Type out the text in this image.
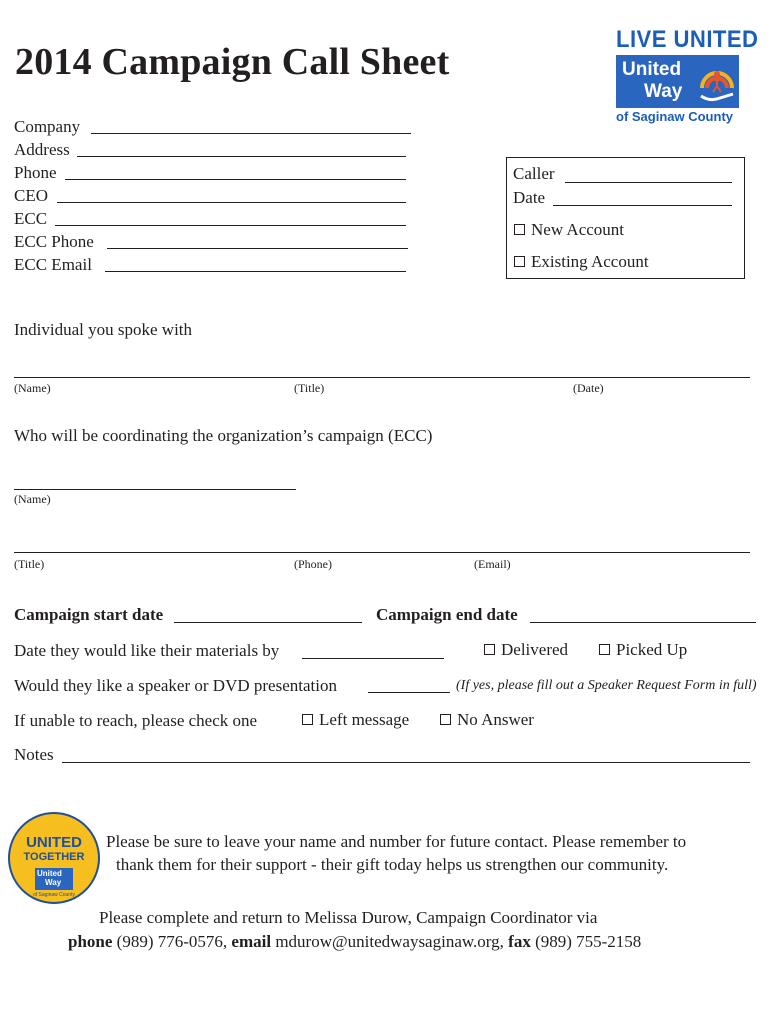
2014 Campaign Call Sheet
LIVE UNITED
United
Way
of Saginaw County
Company
Address
Phone
CEO
ECC
ECC Phone
ECC Email
Caller
Date
New Account
Existing Account
Individual you spoke with
(Name)	(Title)	(Date)
Who will be coordinating the organization’s campaign (ECC)
(Name)
(Title)	(Phone)	(Email)
Campaign start date	Campaign end date
Date they would like their materials by	Delivered	Picked Up
Would they like a speaker or DVD presentation	(If yes, please fill out a Speaker Request Form in full)
If unable to reach, please check one	Left message	No Answer
Notes
UNITED
TOGETHER
United
Way
of Saginaw County
Please be sure to leave your name and number for future contact. Please remember to
thank them for their support - their gift today helps us strengthen our community.
Please complete and return to Melissa Durow, Campaign Coordinator via
phone (989) 776-0576, email mdurow@unitedwaysaginaw.org, fax (989) 755-2158
